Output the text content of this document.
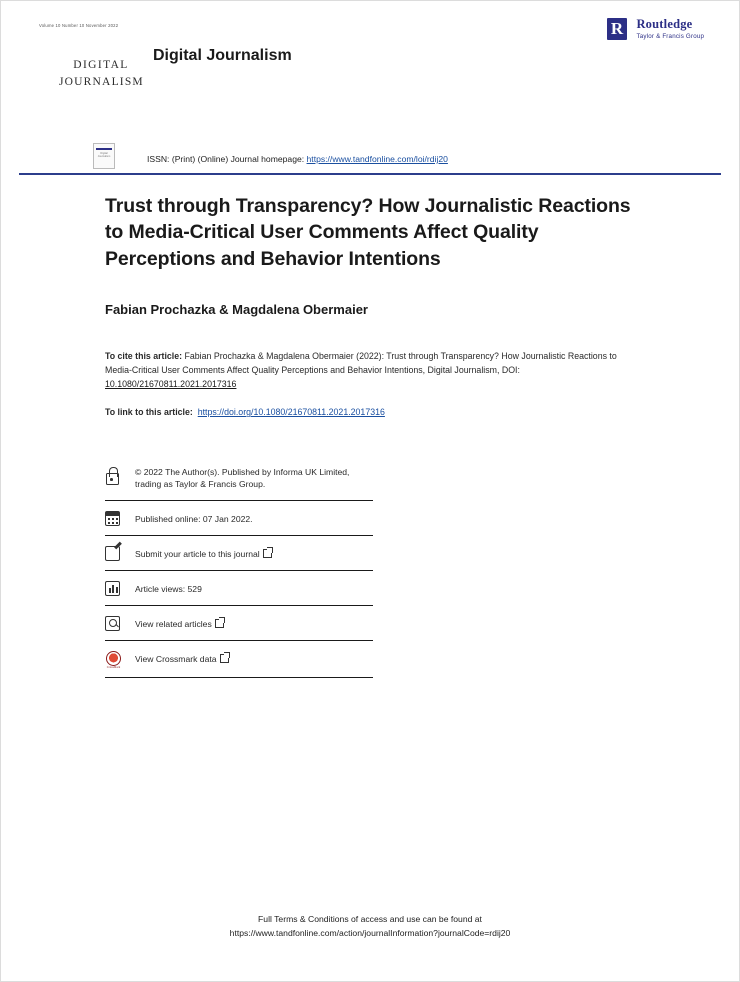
Volume 10 Number 10 November 2022
DIGITAL
JOURNALISM
Digital Journalism
R Routledge
Taylor & Francis Group
Digital Journalism	ISSN: (Print) (Online) Journal homepage: https://www.tandfonline.com/loi/rdij20
Trust through Transparency? How Journalistic Reactions to Media-Critical User Comments Affect Quality Perceptions and Behavior Intentions
Fabian Prochazka & Magdalena Obermaier
To cite this article: Fabian Prochazka & Magdalena Obermaier (2022): Trust through Transparency? How Journalistic Reactions to Media-Critical User Comments Affect Quality Perceptions and Behavior Intentions, Digital Journalism, DOI: 10.1080/21670811.2021.2017316
To link to this article: https://doi.org/10.1080/21670811.2021.2017316
© 2022 The Author(s). Published by Informa UK Limited, trading as Taylor & Francis Group.
Published online: 07 Jan 2022.
Submit your article to this journal
Article views: 529
View related articles
CrossMark
View Crossmark data
Full Terms & Conditions of access and use can be found at
https://www.tandfonline.com/action/journalInformation?journalCode=rdij20
